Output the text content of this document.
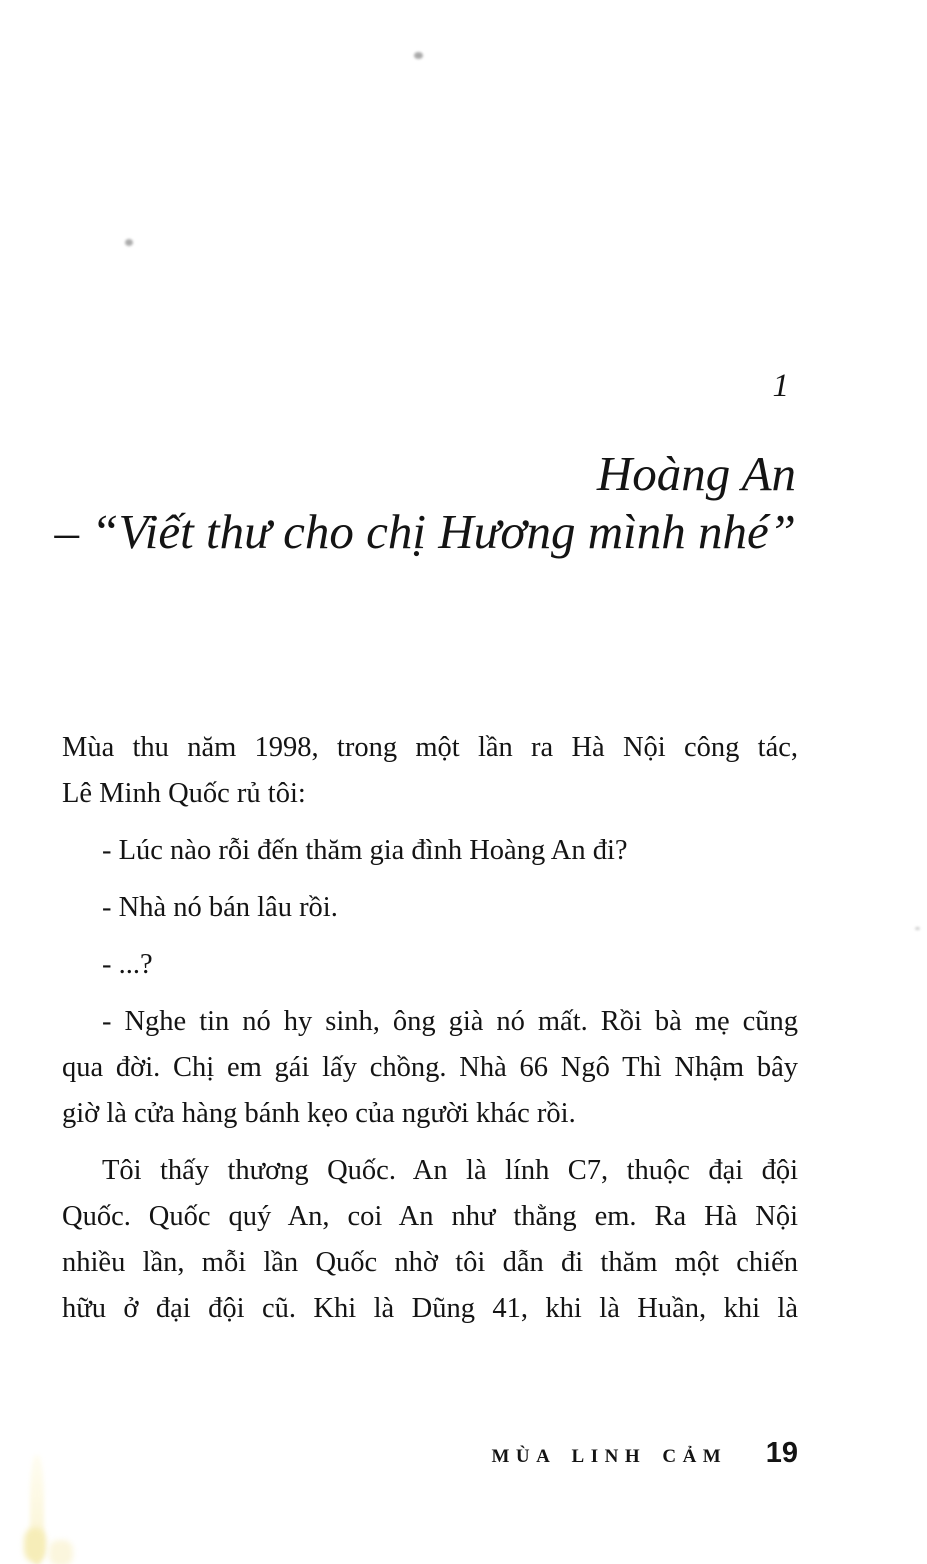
1
Hoàng An
– “Viết thư cho chị Hương mình nhé”
Mùa thu năm 1998, trong một lần ra Hà Nội công tác,
Lê Minh Quốc rủ tôi:
- Lúc nào rỗi đến thăm gia đình Hoàng An đi?
- Nhà nó bán lâu rồi.
- ...?
- Nghe tin nó hy sinh, ông già nó mất. Rồi bà mẹ cũng
qua đời. Chị em gái lấy chồng. Nhà 66 Ngô Thì Nhậm bây
giờ là cửa hàng bánh kẹo của người khác rồi.
Tôi thấy thương Quốc. An là lính C7, thuộc đại đội
Quốc. Quốc quý An, coi An như thằng em. Ra Hà Nội
nhiều lần, mỗi lần Quốc nhờ tôi dẫn đi thăm một chiến
hữu ở đại đội cũ. Khi là Dũng 41, khi là Huần, khi là
MÙA LINH CẢM 19
